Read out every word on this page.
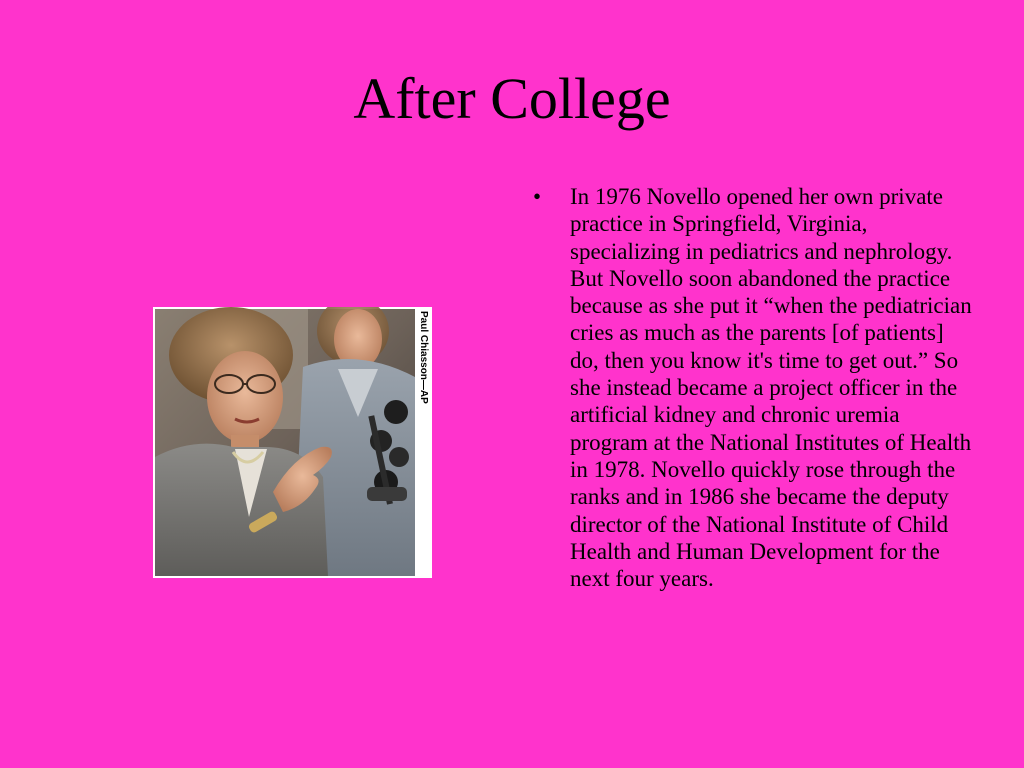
After College
Paul Chiasson—AP
• In 1976 Novello opened her own private practice in Springfield, Virginia, specializing in pediatrics and nephrology. But Novello soon abandoned the practice because as she put it “when the pediatrician cries as much as the parents [of patients] do, then you know it's time to get out.” So she instead became a project officer in the artificial kidney and chronic uremia program at the National Institutes of Health in 1978. Novello quickly rose through the ranks and in 1986 she became the deputy director of the National Institute of Child Health and Human Development for the next four years.
